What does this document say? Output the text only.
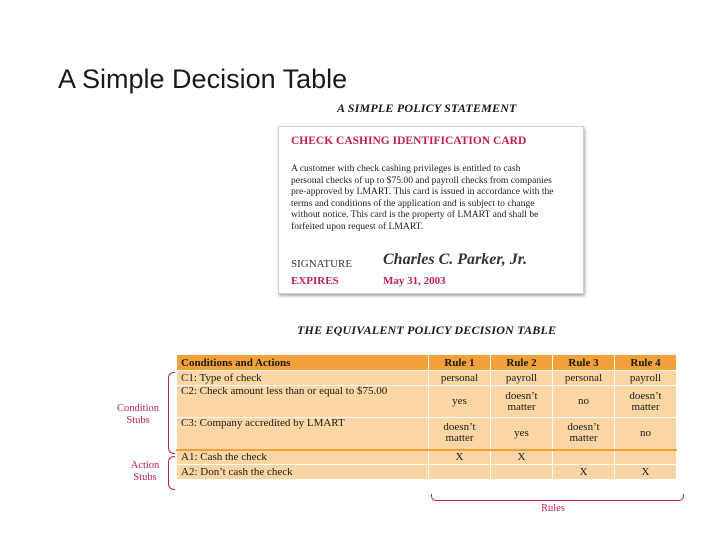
A Simple Decision Table
A SIMPLE POLICY STATEMENT
CHECK CASHING IDENTIFICATION CARD
A customer with check cashing privileges is entitled to cash
personal checks of up to $75.00 and payroll checks from companies
pre-approved by LMART. This card is issued in accordance with the
terms and conditions of the application and is subject to change
without notice. This card is the property of LMART and shall be
forfeited upon request of LMART.
SIGNATURE Charles C. Parker, Jr.
EXPIRES	May 31, 2003
THE EQUIVALENT POLICY DECISION TABLE
Conditions and Actions	Rule 1	Rule 2	Rule 3	Rule 4
C1: Type of check	personal	payroll	personal	payroll
C2: Check amount less than or equal to $75.00	yes	doesn’t matter	no	doesn’t matter
C3: Company accredited by LMART	doesn’t matter	yes	doesn’t matter	no
A1: Cash the check	X	X		
A2: Don’t cash the check			X	X
Condition Stubs
Action Stubs
Rules
